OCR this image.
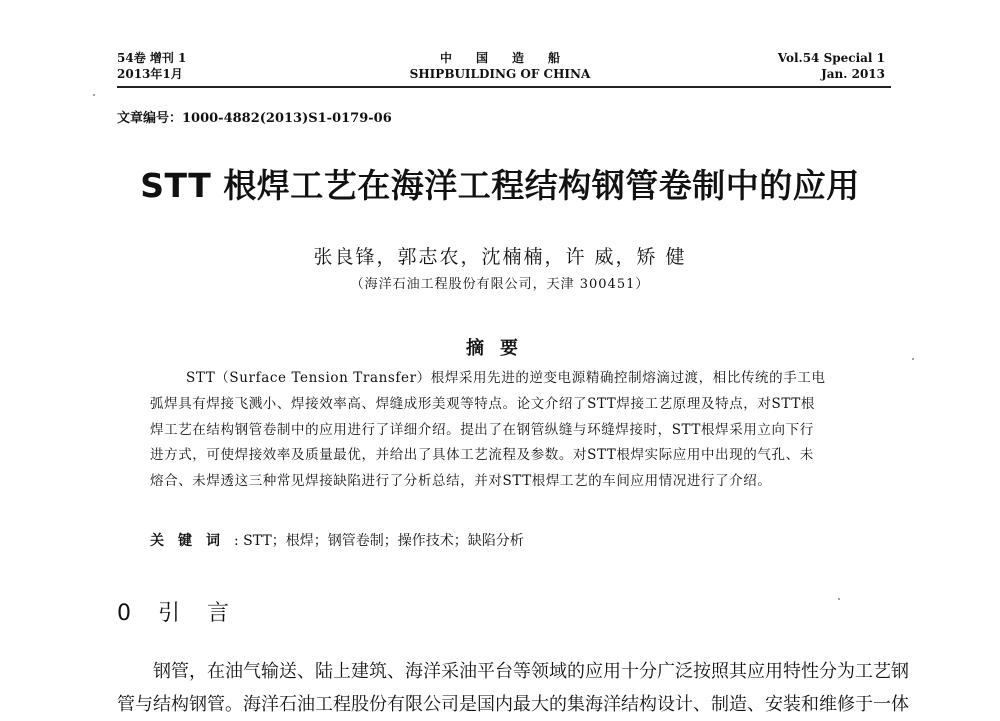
54卷 增刊 1
2013年1月
中国造船
SHIPBUILDING OF CHINA
Vol.54 Special 1
Jan. 2013
文章编号：1000-4882(2013)S1-0179-06
STT 根焊工艺在海洋工程结构钢管卷制中的应用
张良锋，郭志农，沈楠楠，许 威，矫 健
（海洋石油工程股份有限公司，天津 300451）
摘要
STT（Surface Tension Transfer）根焊采用先进的逆变电源精确控制熔滴过渡，相比传统的手工电
弧焊具有焊接飞溅小、焊接效率高、焊缝成形美观等特点。论文介绍了STT焊接工艺原理及特点，对STT根
焊工艺在结构钢管卷制中的应用进行了详细介绍。提出了在钢管纵缝与环缝焊接时，STT根焊采用立向下行
进方式，可使焊接效率及质量最优，并给出了具体工艺流程及参数。对STT根焊实际应用中出现的气孔、未
熔合、未焊透这三种常见焊接缺陷进行了分析总结，并对STT根焊工艺的车间应用情况进行了介绍。
关键词: STT；根焊；钢管卷制；操作技术；缺陷分析
0 引 言
钢管，在油气输送、陆上建筑、海洋采油平台等领域的应用十分广泛按照其应用特性分为工艺钢
管与结构钢管。海洋石油工程股份有限公司是国内最大的集海洋结构设计、制造、安装和维修于一体
